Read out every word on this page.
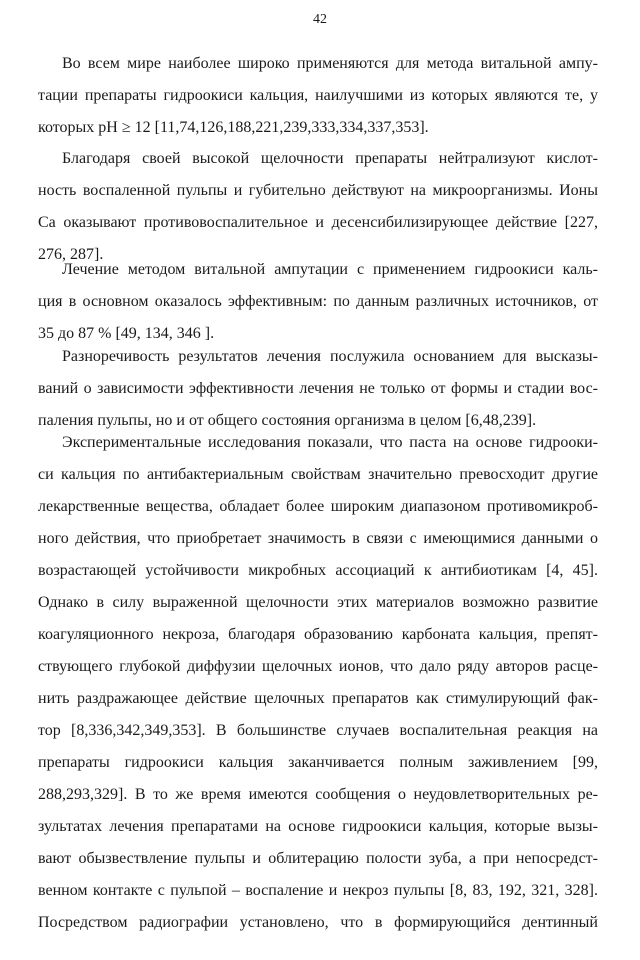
42
Во всем мире наиболее широко применяются для метода витальной ампу-
тации препараты гидроокиси кальция, наилучшими из которых являются те, у
которых pH ≥ 12 [11,74,126,188,221,239,333,334,337,353].
Благодаря своей высокой щелочности препараты нейтрализуют кислот-
ность воспаленной пульпы и губительно действуют на микроорганизмы. Ионы
Са оказывают противовоспалительное и десенсибилизирующее действие [227,
276, 287].
Лечение методом витальной ампутации с применением гидроокиси каль-
ция в основном оказалось эффективным: по данным различных источников, от
35 до 87 % [49, 134, 346 ].
Разноречивость результатов лечения послужила основанием для высказы-
ваний о зависимости эффективности лечения не только от формы и стадии вос-
паления пульпы, но и от общего состояния организма в целом [6,48,239].
Экспериментальные исследования показали, что паста на основе гидрооки-
си кальция по антибактериальным свойствам значительно превосходит другие
лекарственные вещества, обладает более широким диапазоном противомикроб-
ного действия, что приобретает значимость в связи с имеющимися данными о
возрастающей устойчивости микробных ассоциаций к антибиотикам [4, 45].
Однако в силу выраженной щелочности этих материалов возможно развитие
коагуляционного некроза, благодаря образованию карбоната кальция, препят-
ствующего глубокой диффузии щелочных ионов, что дало ряду авторов расце-
нить раздражающее действие щелочных препаратов как стимулирующий фак-
тор [8,336,342,349,353]. В большинстве случаев воспалительная реакция на
препараты гидроокиси кальция заканчивается полным заживлением [99,
288,293,329]. В то же время имеются сообщения о неудовлетворительных ре-
зультатах лечения препаратами на основе гидроокиси кальция, которые вызы-
вают обызвествление пульпы и облитерацию полости зуба, а при непосредст-
венном контакте с пульпой – воспаление и некроз пульпы [8, 83, 192, 321, 328].
Посредством радиографии установлено, что в формирующийся дентинный
